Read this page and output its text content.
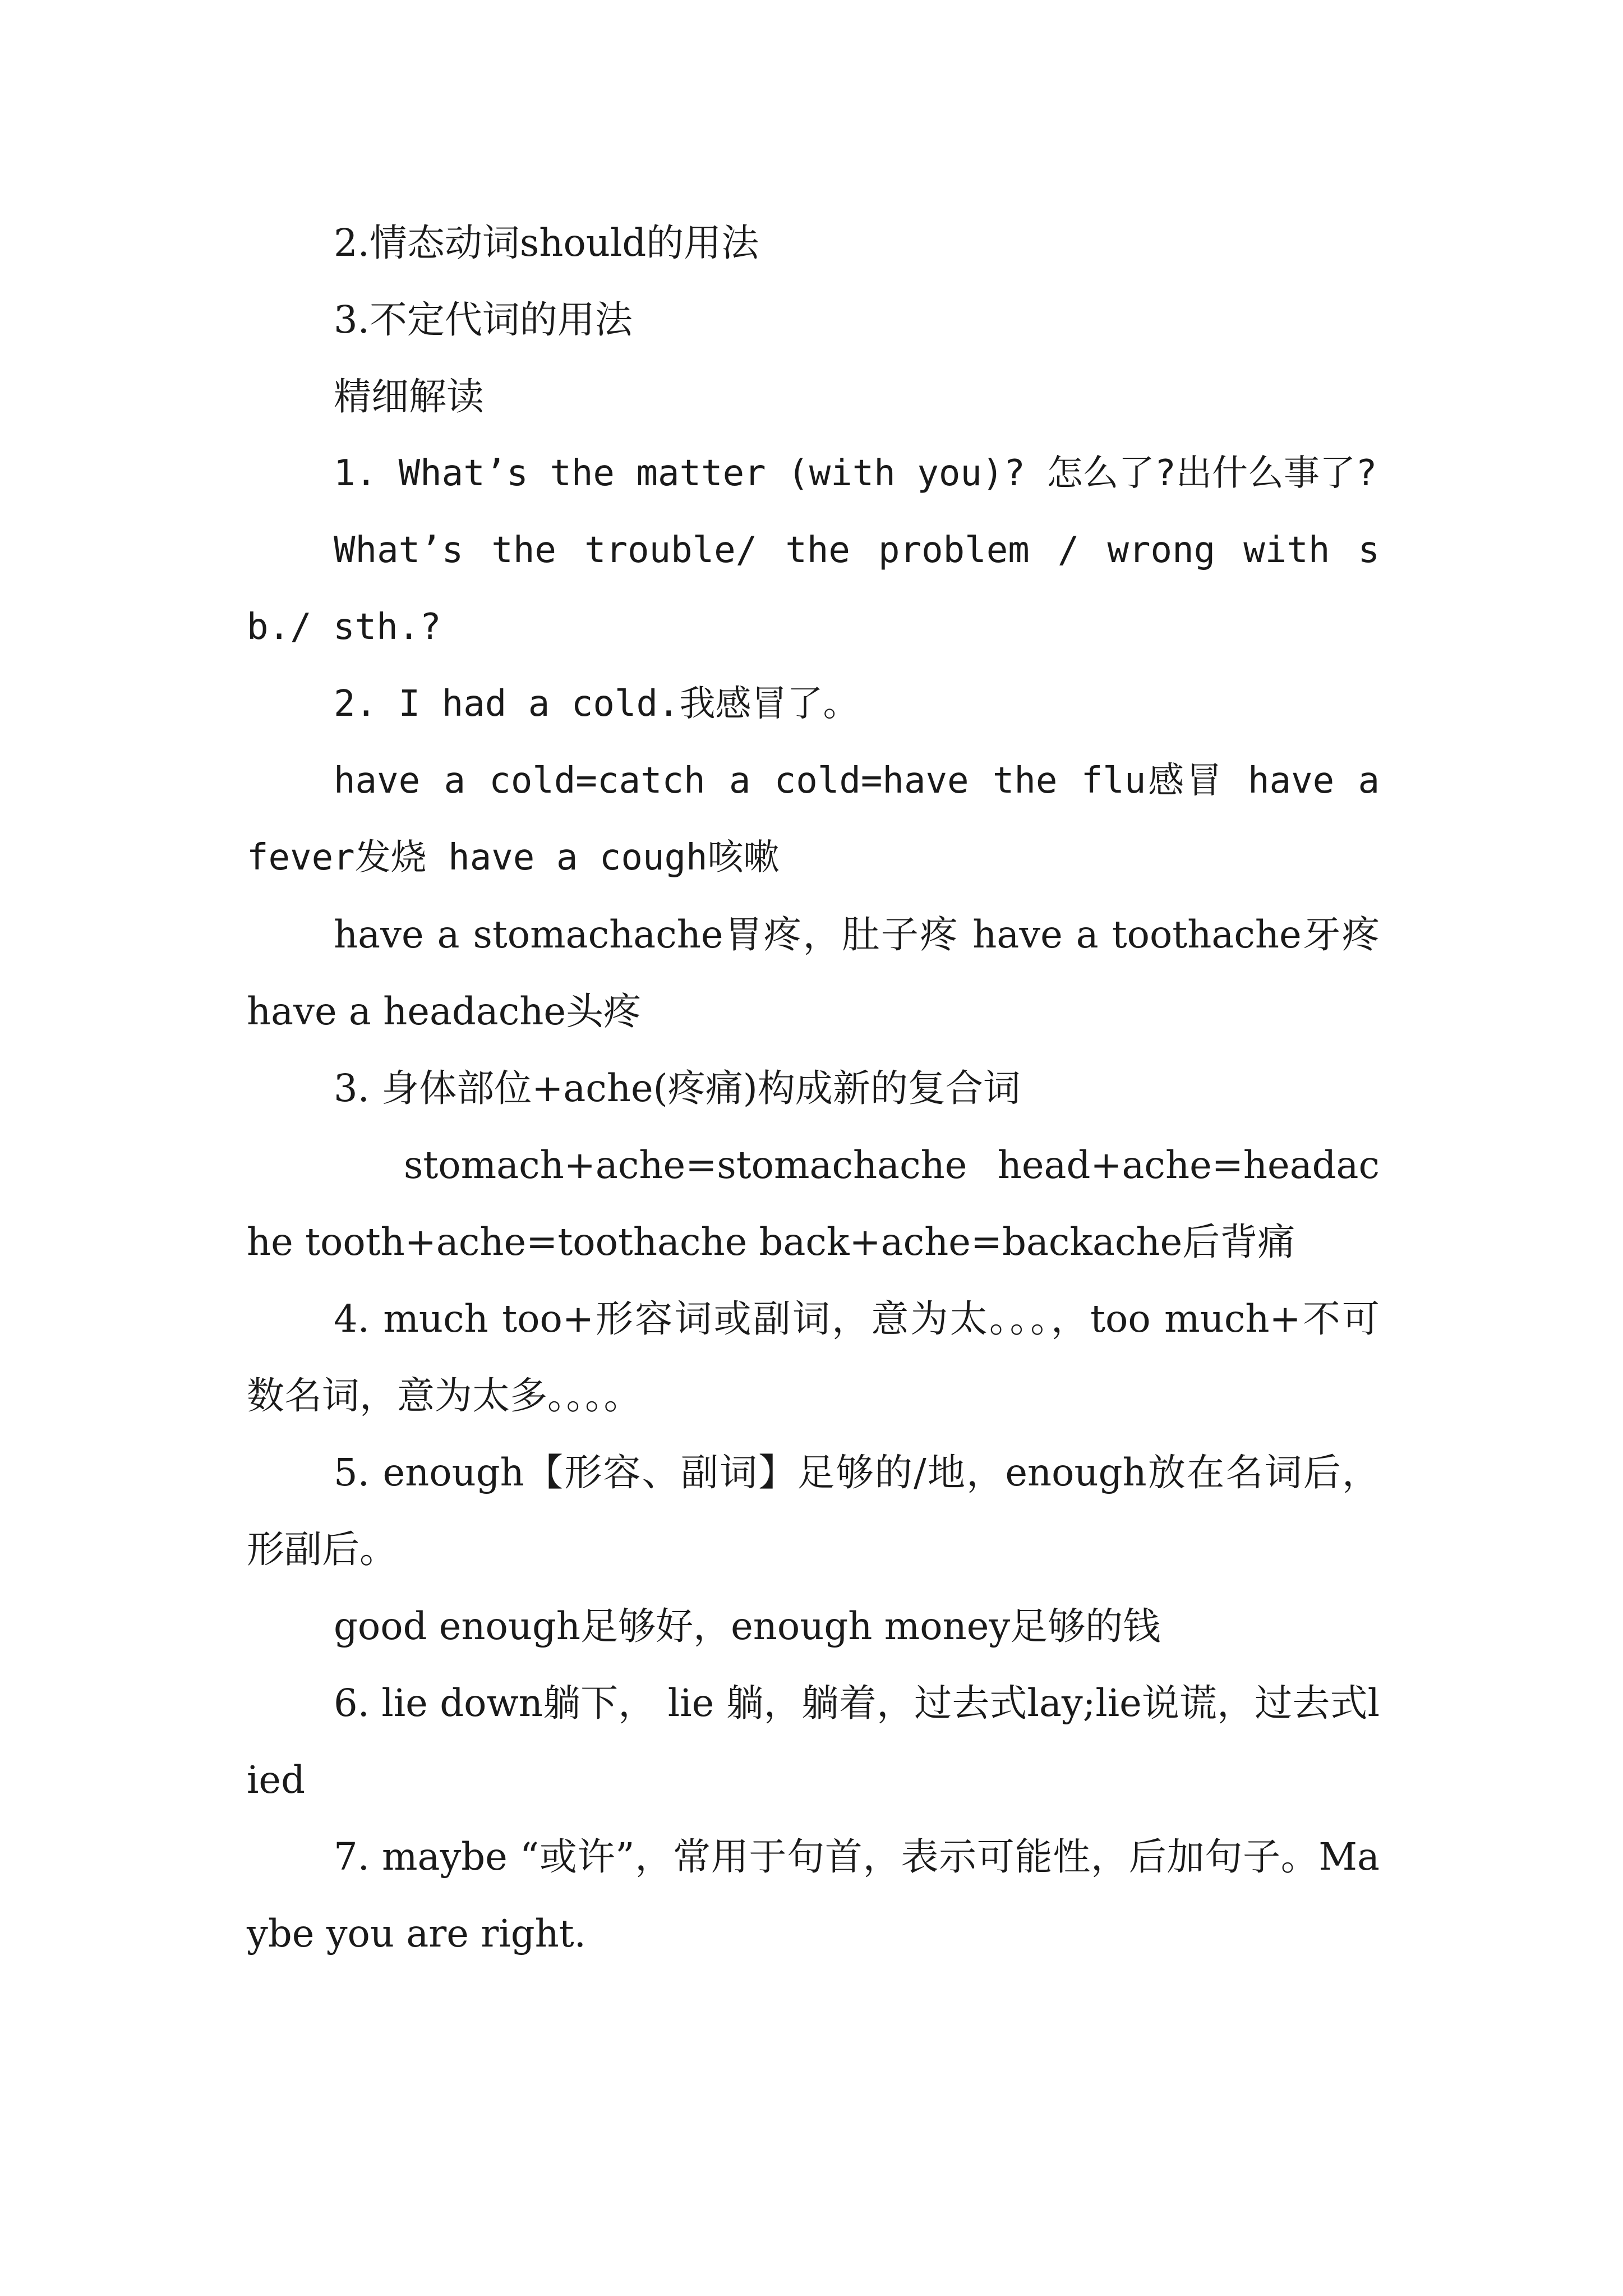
2.情态动词should的用法

3.不定代词的用法

精细解读

1. What’s the matter (with you)? 怎么了?出什么事了?

What’s the trouble/ the problem / wrong with sb./ sth.?

2. I had a cold.我感冒了。

have a cold=catch a cold=have the flu感冒 have a fever发烧 have a cough咳嗽

have a stomachache胃疼，肚子疼 have a toothache牙疼 have a headache头疼

3. 身体部位+ache(疼痛)构成新的复合词

stomach+ache=stomachache head+ache=headache tooth+ache=toothache back+ache=backache后背痛

4. much too+形容词或副词，意为太。。。，too much+不可数名词，意为太多。。。。

5. enough【形容、副词】足够的/地，enough放在名词后，形副后。

good enough足够好，enough money足够的钱

6. lie down躺下， lie 躺，躺着，过去式lay;lie说谎，过去式lied

7. maybe “或许”，常用于句首，表示可能性，后加句子。Maybe you are right.
